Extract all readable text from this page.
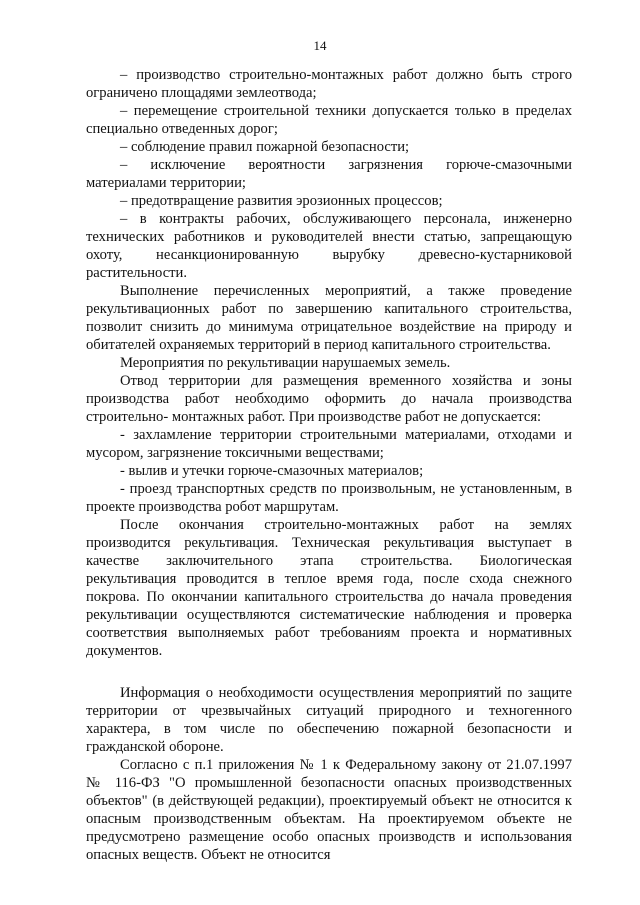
14

– производство строительно-монтажных работ должно быть строго ограничено площадями землеотвода;

– перемещение строительной техники допускается только в пределах специально отведенных дорог;

– соблюдение правил пожарной безопасности;

– исключение вероятности загрязнения горюче-смазочными материалами территории;

– предотвращение развития эрозионных процессов;

– в контракты рабочих, обслуживающего персонала, инженерно технических работников и руководителей внести статью, запрещающую охоту, несанкционированную вырубку древесно-кустарниковой растительности.

Выполнение перечисленных мероприятий, а также проведение рекультивационных работ по завершению капитального строительства, позволит снизить до минимума отрицательное воздействие на природу и обитателей охраняемых территорий в период капитального строительства.

Мероприятия по рекультивации нарушаемых земель.

Отвод территории для размещения временного хозяйства и зоны производства работ необходимо оформить до начала производства строительно- монтажных работ. При производстве работ не допускается:

- захламление территории строительными материалами, отходами и мусором, загрязнение токсичными веществами;

- вылив и утечки горюче-смазочных материалов;

- проезд транспортных средств по произвольным, не установленным, в проекте производства робот маршрутам.

После окончания строительно-монтажных работ на землях производится рекультивация. Техническая рекультивация выступает в качестве заключительного этапа строительства. Биологическая рекультивация проводится в теплое время года, после схода снежного покрова. По окончании капитального строительства до начала проведения рекультивации осуществляются систематические наблюдения и проверка соответствия выполняемых работ требованиям проекта и нормативных документов.

Информация о необходимости осуществления мероприятий по защите территории от чрезвычайных ситуаций природного и техногенного характера, в том числе по обеспечению пожарной безопасности и гражданской обороне.

Согласно с п.1 приложения № 1 к Федеральному закону от 21.07.1997 № 116-ФЗ "О промышленной безопасности опасных производственных объектов" (в действующей редакции), проектируемый объект не относится к опасным производственным объектам. На проектируемом объекте не предусмотрено размещение особо опасных производств и использования опасных веществ. Объект не относится
